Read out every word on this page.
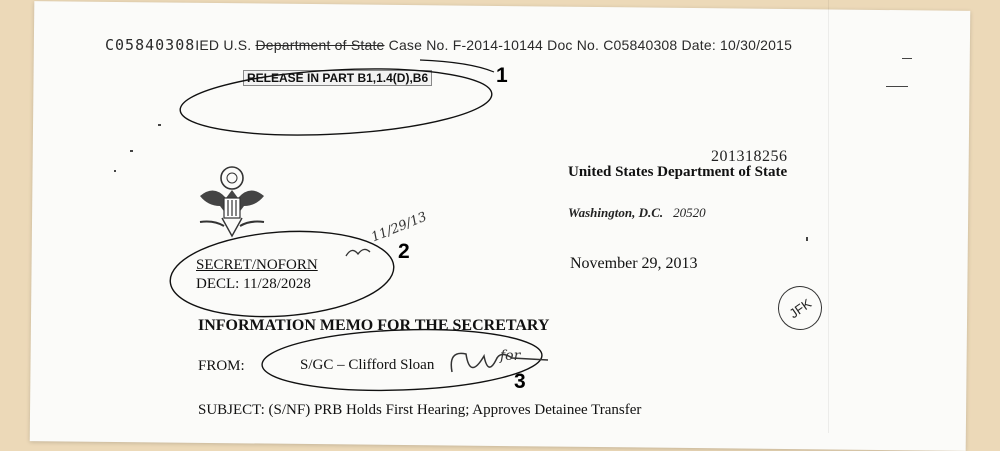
C05840308IED U.S. Department of State Case No. F-2014-10144 Doc No. C05840308 Date: 10/30/2015
RELEASE IN PART B1,1.4(D),B6	1
2
3
201318256
United States Department of State
Washington, D.C. 20520
11/29/13
SECRET/NOFORN
DECL: 11/28/2028
November 29, 2013
JFK
INFORMATION MEMO FOR THE SECRETARY
FROM:	S/GC – Clifford Sloan
for
SUBJECT: (S/NF) PRB Holds First Hearing; Approves Detainee Transfer
